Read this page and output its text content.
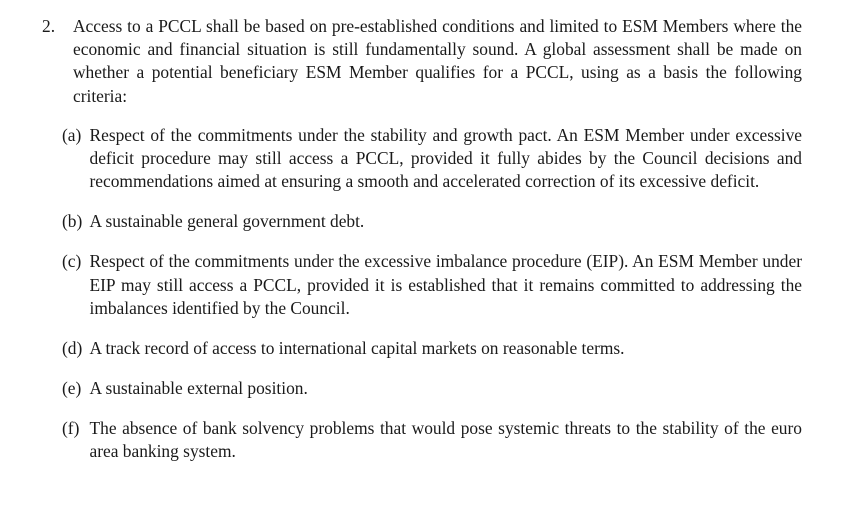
2. Access to a PCCL shall be based on pre-established conditions and limited to ESM Members where the economic and financial situation is still fundamentally sound. A global assessment shall be made on whether a potential beneficiary ESM Member qualifies for a PCCL, using as a basis the following criteria:
(a) Respect of the commitments under the stability and growth pact. An ESM Member under excessive deficit procedure may still access a PCCL, provided it fully abides by the Council decisions and recommendations aimed at ensuring a smooth and accelerated correction of its excessive deficit.
(b) A sustainable general government debt.
(c) Respect of the commitments under the excessive imbalance procedure (EIP). An ESM Member under EIP may still access a PCCL, provided it is established that it remains committed to addressing the imbalances identified by the Council.
(d) A track record of access to international capital markets on reasonable terms.
(e) A sustainable external position.
(f) The absence of bank solvency problems that would pose systemic threats to the stability of the euro area banking system.
